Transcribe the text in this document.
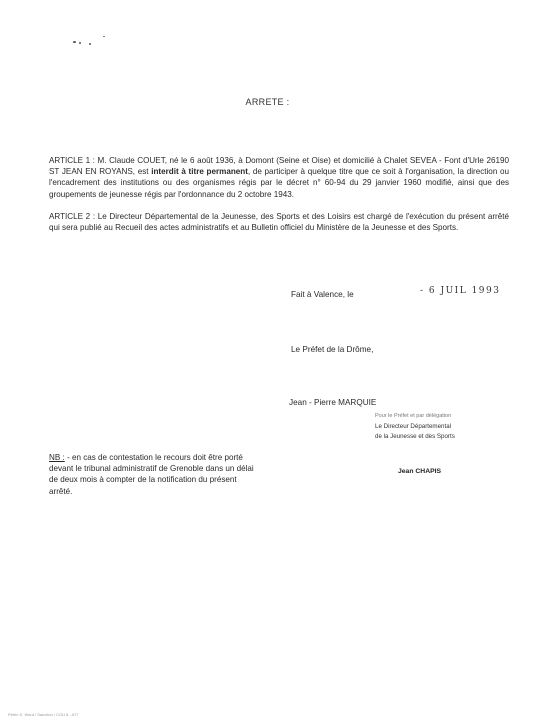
ARRETE :
ARTICLE 1 : M. Claude COUET, né le 6 août 1936, à Domont (Seine et Oise) et domicilié à Chalet SEVEA - Font d'Urle 26190 ST JEAN EN ROYANS, est interdit à titre permanent, de participer à quelque titre que ce soit à l'organisation, la direction ou l'encadrement des institutions ou des organismes régis par le décret n° 60-94 du 29 janvier 1960 modifié, ainsi que des groupements de jeunesse régis par l'ordonnance du 2 octobre 1943.
ARTICLE 2 : Le Directeur Départemental de la Jeunesse, des Sports et des Loisirs est chargé de l'exécution du présent arrêté qui sera publié au Recueil des actes administratifs et au Bulletin officiel du Ministère de la Jeunesse et des Sports.
Fait à Valence, le	- 6 JUIL 1993
Le Préfet de la Drôme,
Jean - Pierre MARQUIE
Pour le Préfet et par délégation
Le Directeur Départemental
de la Jeunesse et des Sports
NB : - en cas de contestation le recours doit être porté devant le tribunal administratif de Grenoble dans un délai de deux mois à compter de la notification du présent arrêté.
Jean CHAPIS
Pétrin S. Word / Sanction / COU 8 . A77
